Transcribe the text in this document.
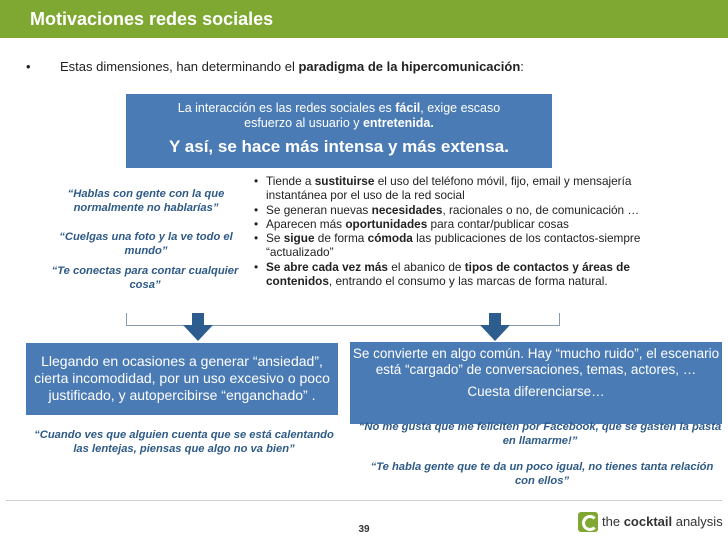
Motivaciones redes sociales
• Estas dimensiones, han determinando el paradigma de la hipercomunicación:
La interacción es las redes sociales es fácil, exige escaso
esfuerzo al usuario y entretenida.
Y así, se hace más intensa y más extensa.
“Hablas con gente con la que normalmente no hablarías”
“Cuelgas una foto y la ve todo el mundo”
“Te conectas para contar cualquier cosa”
• Tiende a sustituirse el uso del teléfono móvil, fijo, email y mensajería instantánea por el uso de la red social
• Se generan nuevas necesidades, racionales o no, de comunicación …
• Aparecen más oportunidades para contar/publicar cosas
• Se sigue de forma cómoda las publicaciones de los contactos-siempre “actualizado”
• Se abre cada vez más el abanico de tipos de contactos y áreas de contenidos, entrando el consumo y las marcas de forma natural.
Llegando en ocasiones a generar “ansiedad”, cierta incomodidad, por un uso excesivo o poco justificado, y autopercibirse “enganchado” .
Se convierte en algo común. Hay “mucho ruido”, el escenario está “cargado” de conversaciones, temas, actores, …
Cuesta diferenciarse…
“Cuando ves que alguien cuenta que se está calentando las lentejas, piensas que algo no va bien”
“No me gusta que me feliciten por Facebook, que se gasten la pasta en llamarme!”
“Te habla gente que te da un poco igual, no tienes tanta relación con ellos”
39
the cocktail analysis
